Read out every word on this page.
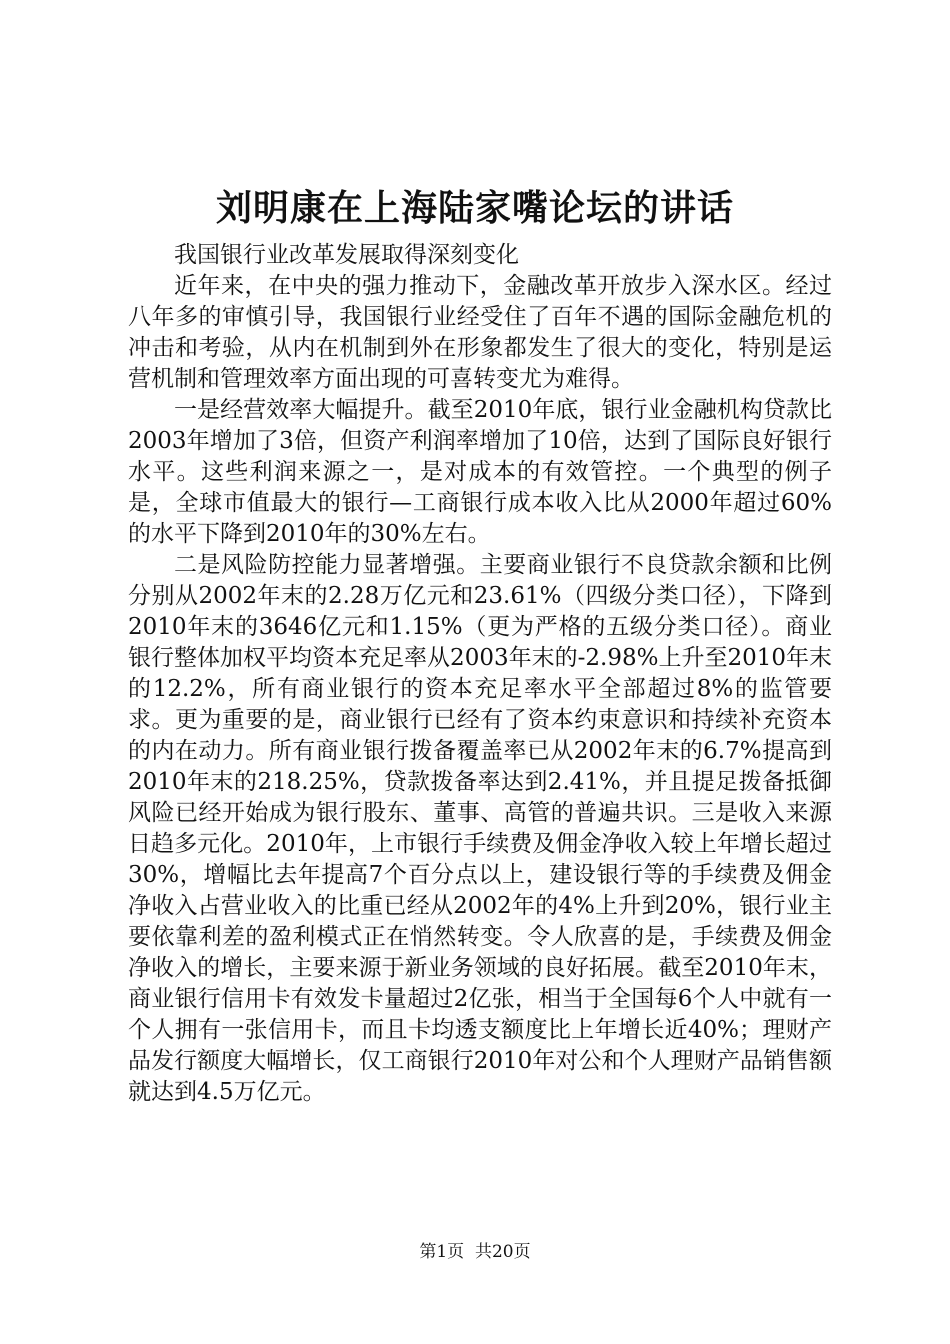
刘明康在上海陆家嘴论坛的讲话

我国银行业改革发展取得深刻变化

近年来，在中央的强力推动下，金融改革开放步入深水区。经过八年多的审慎引导，我国银行业经受住了百年不遇的国际金融危机的冲击和考验，从内在机制到外在形象都发生了很大的变化，特别是运营机制和管理效率方面出现的可喜转变尤为难得。

一是经营效率大幅提升。截至2010年底，银行业金融机构贷款比2003年增加了3倍，但资产利润率增加了10倍，达到了国际良好银行水平。这些利润来源之一，是对成本的有效管控。一个典型的例子是，全球市值最大的银行—工商银行成本收入比从2000年超过60%的水平下降到2010年的30%左右。

二是风险防控能力显著增强。主要商业银行不良贷款余额和比例分别从2002年末的2.28万亿元和23.61%（四级分类口径），下降到2010年末的3646亿元和1.15%（更为严格的五级分类口径）。商业银行整体加权平均资本充足率从2003年末的-2.98%上升至2010年末的12.2%，所有商业银行的资本充足率水平全部超过8%的监管要求。更为重要的是，商业银行已经有了资本约束意识和持续补充资本的内在动力。所有商业银行拨备覆盖率已从2002年末的6.7%提高到2010年末的218.25%，贷款拨备率达到2.41%，并且提足拨备抵御风险已经开始成为银行股东、董事、高管的普遍共识。三是收入来源日趋多元化。2010年，上市银行手续费及佣金净收入较上年增长超过30%，增幅比去年提高7个百分点以上，建设银行等的手续费及佣金净收入占营业收入的比重已经从2002年的4%上升到20%，银行业主要依靠利差的盈利模式正在悄然转变。令人欣喜的是，手续费及佣金净收入的增长，主要来源于新业务领域的良好拓展。截至2010年末，商业银行信用卡有效发卡量超过2亿张，相当于全国每6个人中就有一个人拥有一张信用卡，而且卡均透支额度比上年增长近40%；理财产品发行额度大幅增长，仅工商银行2010年对公和个人理财产品销售额就达到4.5万亿元。

第1页  共20页
